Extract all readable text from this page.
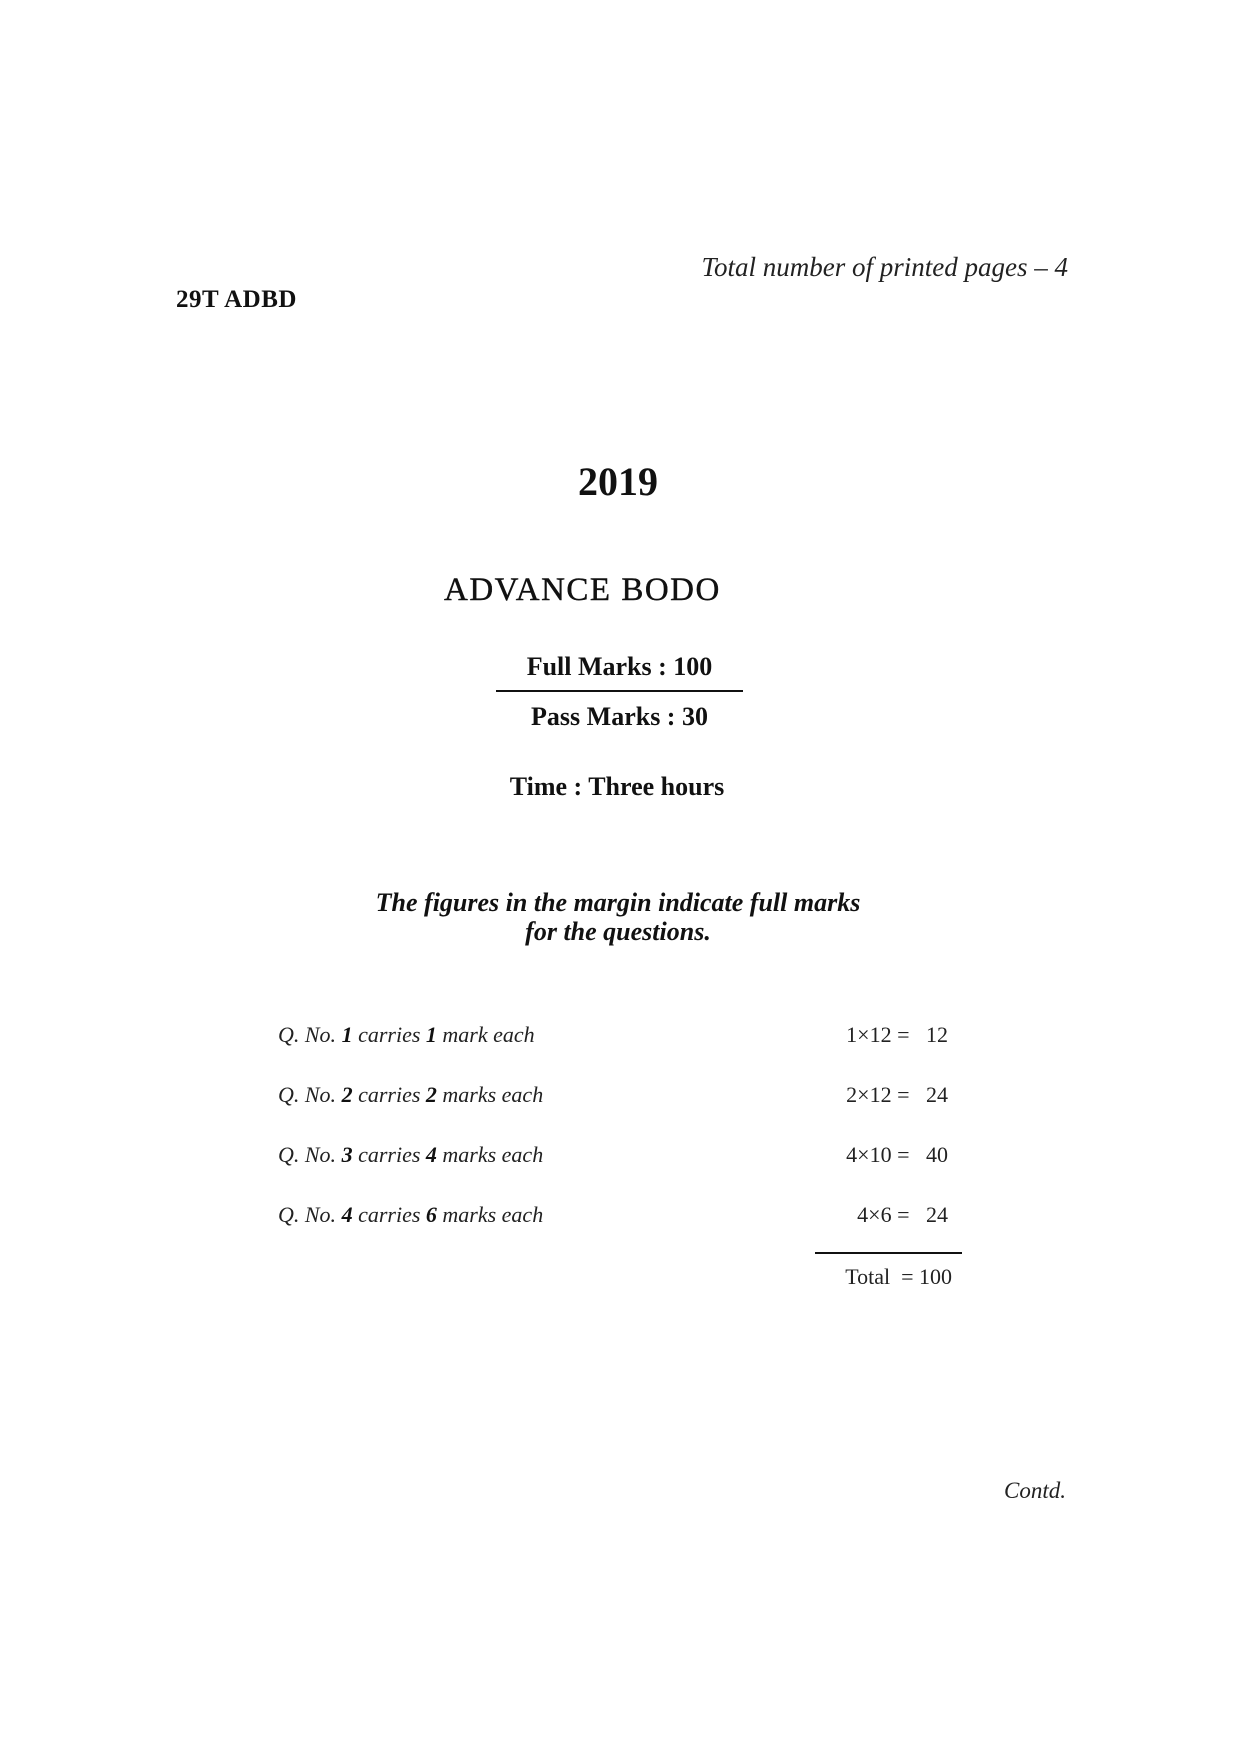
Total number of printed pages – 4
29T ADBD
2019
ADVANCE BODO
Full Marks : 100
Pass Marks : 30
Time : Three hours
The figures in the margin indicate full marks
for the questions.
Q. No. 1 carries 1 mark each	1×12 =   12
Q. No. 2 carries 2 marks each	2×12 =   24
Q. No. 3 carries 4 marks each	4×10 =   40
Q. No. 4 carries 6 marks each	4×6 =   24
Total  = 100
Contd.
